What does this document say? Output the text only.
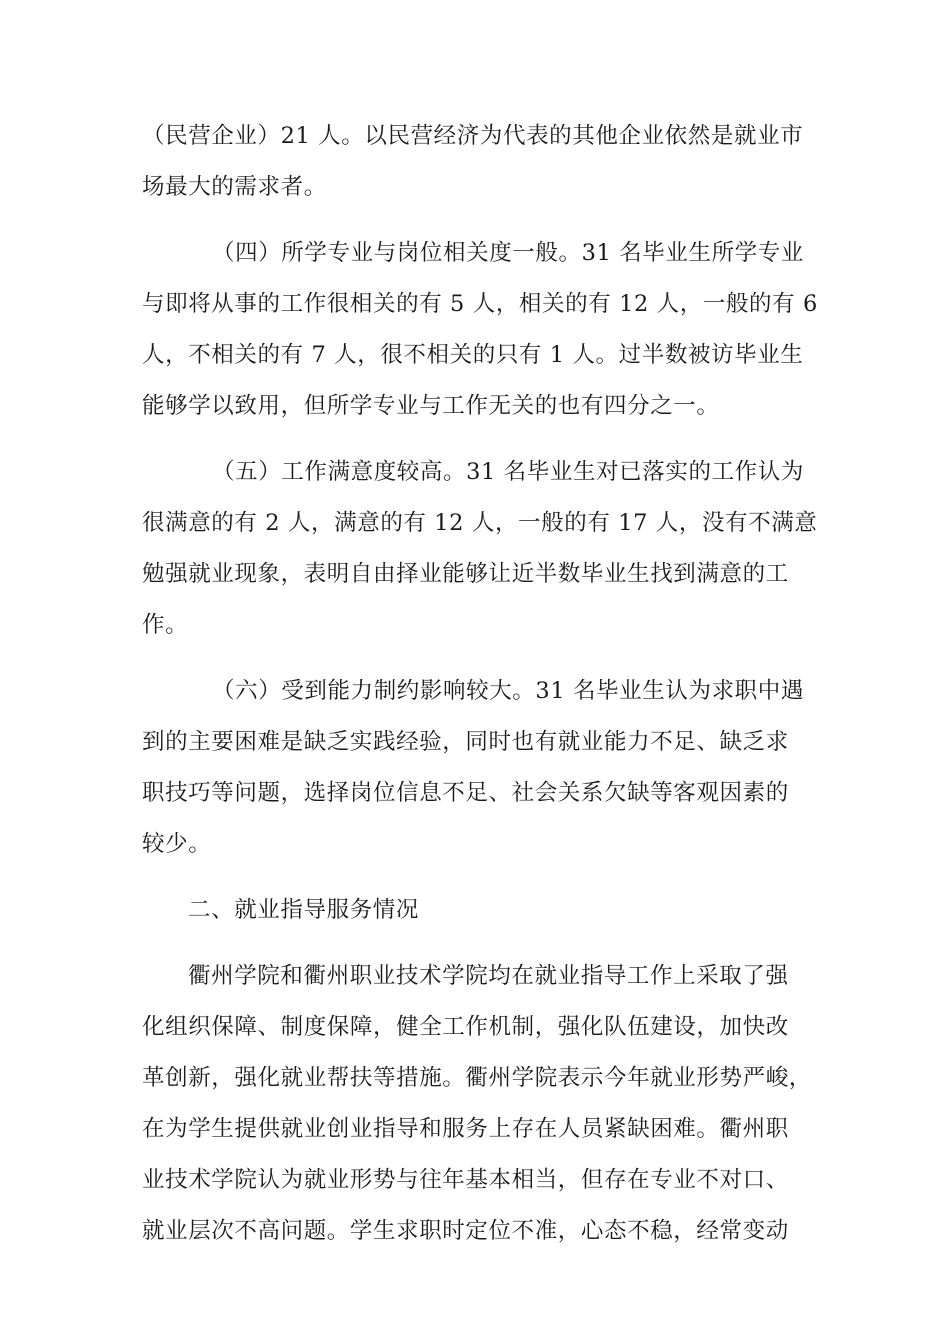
（民营企业）21 人。以民营经济为代表的其他企业依然是就业市
场最大的需求者。
（四）所学专业与岗位相关度一般。31 名毕业生所学专业
与即将从事的工作很相关的有 5 人，相关的有 12 人，一般的有 6
人，不相关的有 7 人，很不相关的只有 1 人。过半数被访毕业生
能够学以致用，但所学专业与工作无关的也有四分之一。
（五）工作满意度较高。31 名毕业生对已落实的工作认为
很满意的有 2 人，满意的有 12 人，一般的有 17 人，没有不满意
勉强就业现象，表明自由择业能够让近半数毕业生找到满意的工
作。
（六）受到能力制约影响较大。31 名毕业生认为求职中遇
到的主要困难是缺乏实践经验，同时也有就业能力不足、缺乏求
职技巧等问题，选择岗位信息不足、社会关系欠缺等客观因素的
较少。
二、就业指导服务情况
衢州学院和衢州职业技术学院均在就业指导工作上采取了强
化组织保障、制度保障，健全工作机制，强化队伍建设，加快改
革创新，强化就业帮扶等措施。衢州学院表示今年就业形势严峻，
在为学生提供就业创业指导和服务上存在人员紧缺困难。衢州职
业技术学院认为就业形势与往年基本相当，但存在专业不对口、
就业层次不高问题。学生求职时定位不准，心态不稳，经常变动
